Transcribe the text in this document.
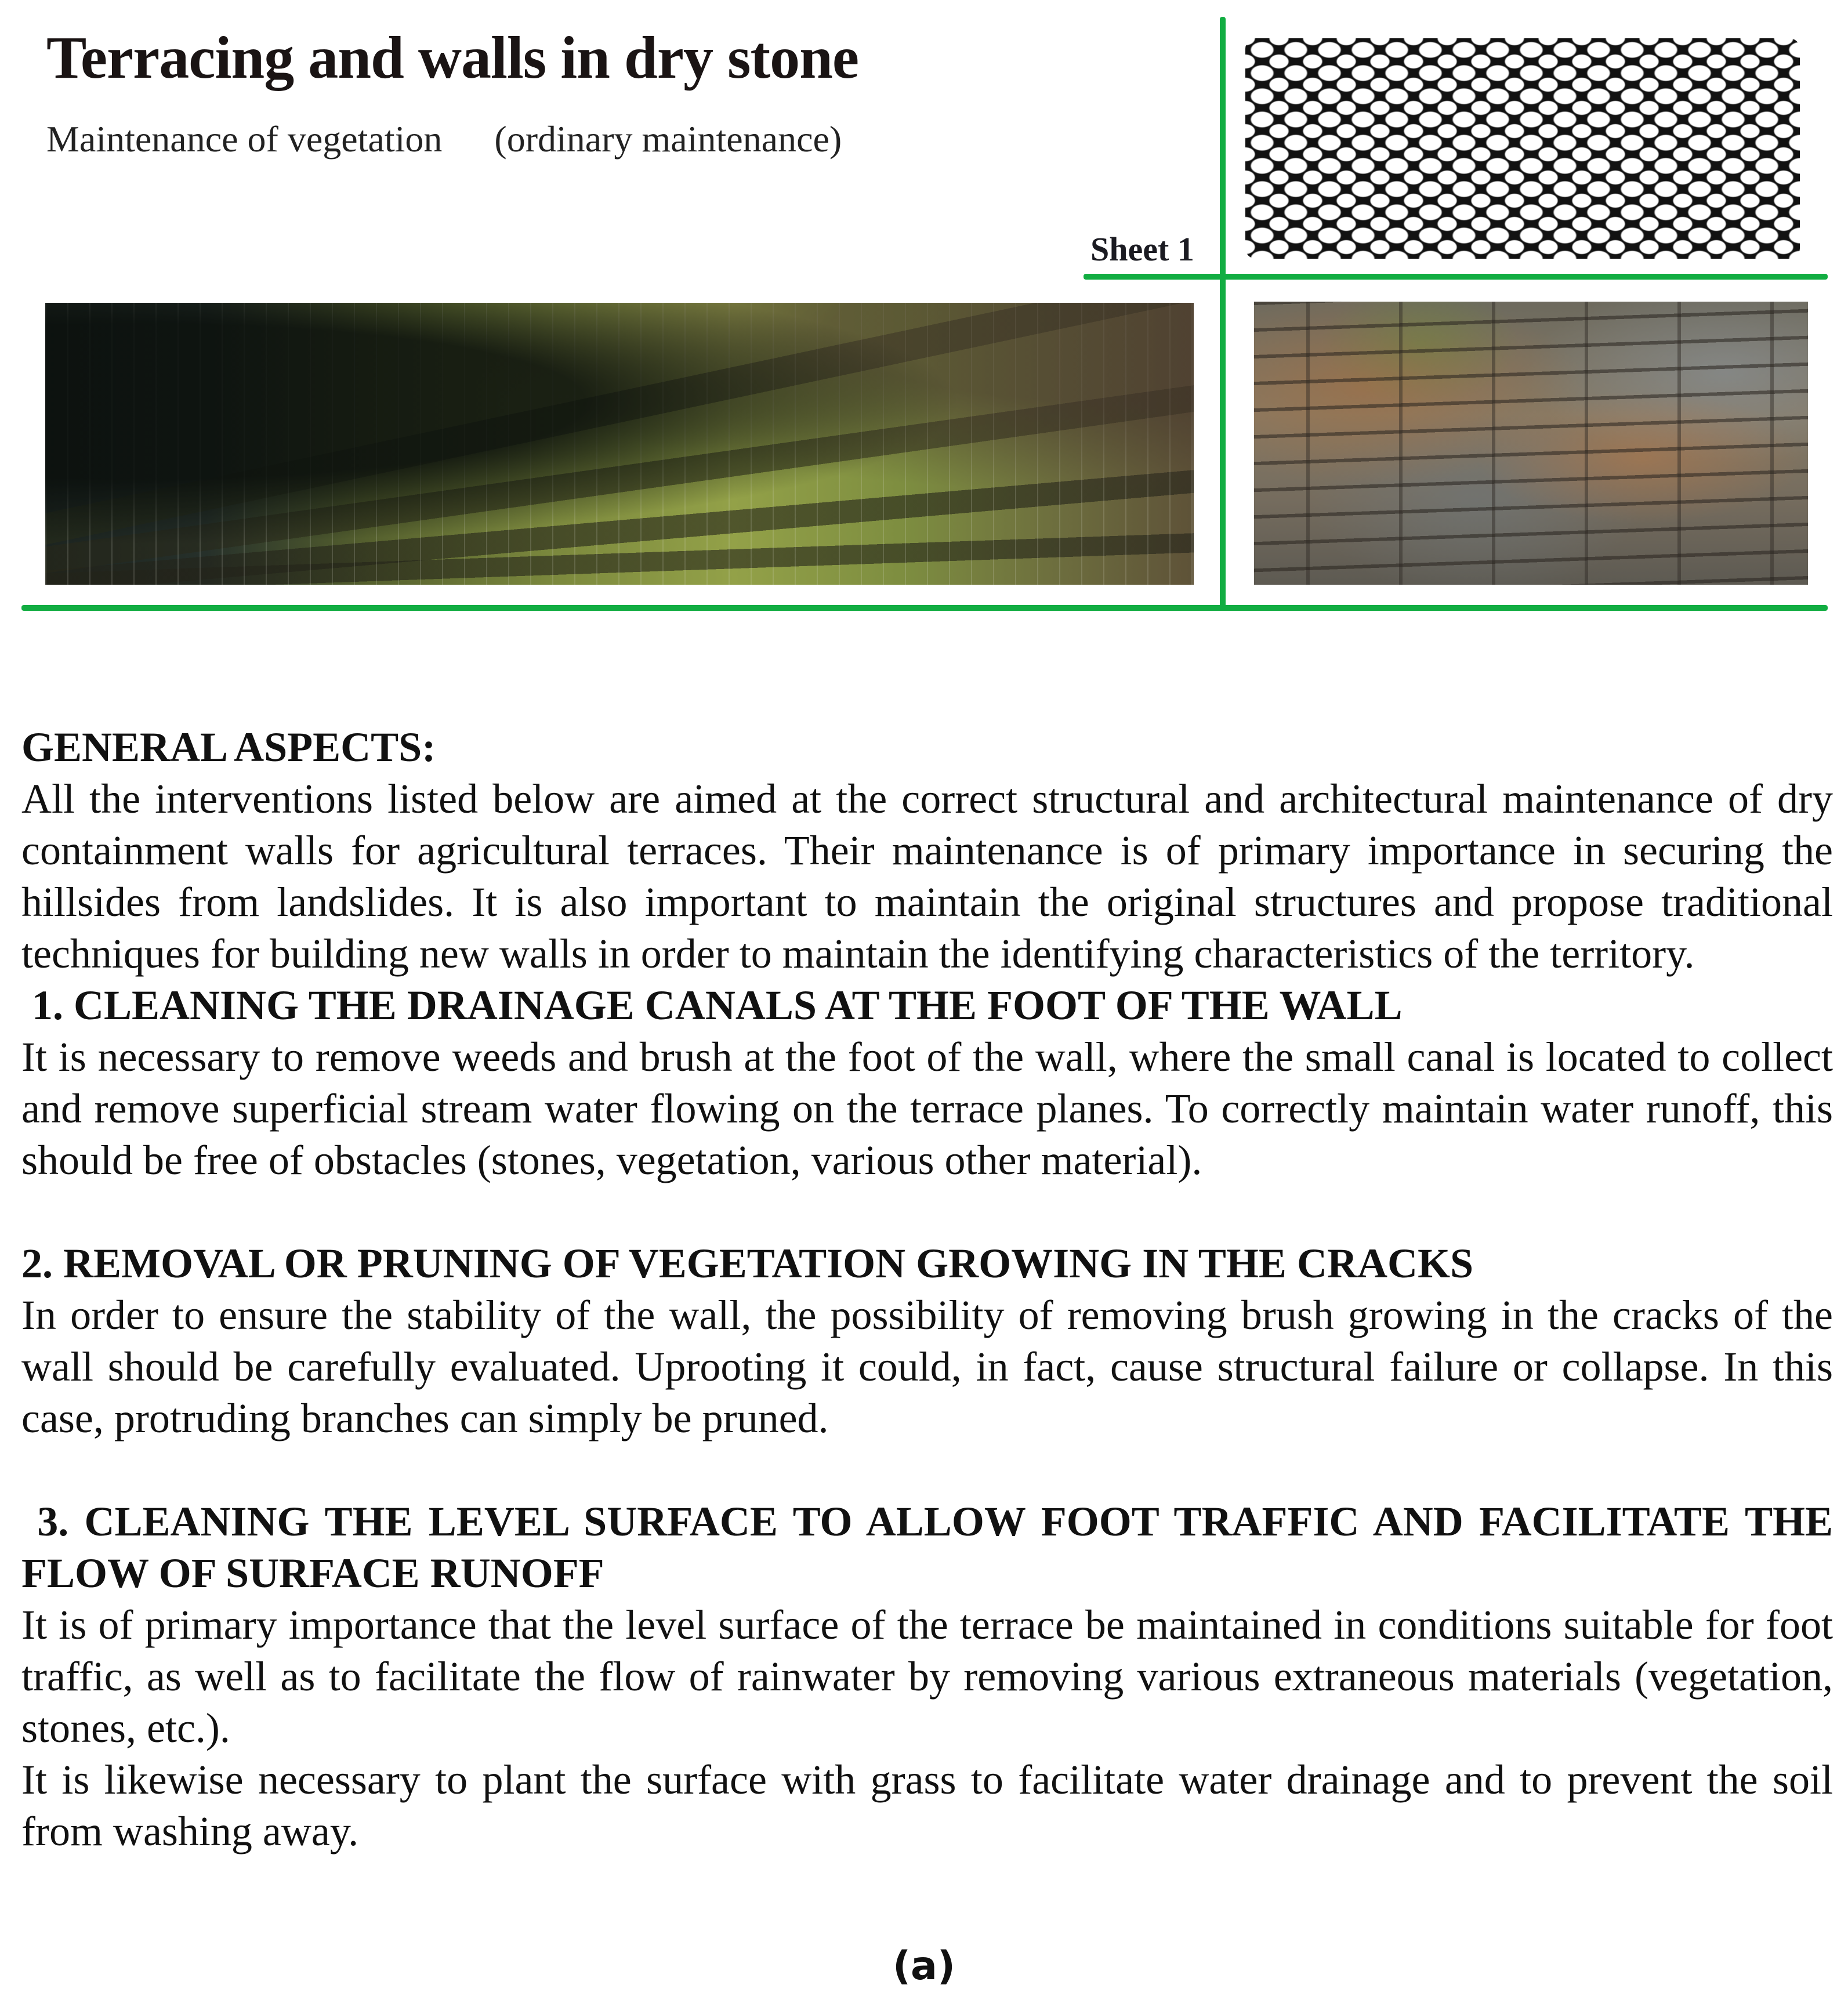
Terracing and walls in dry stone
Maintenance of vegetation (ordinary maintenance)
Sheet 1

GENERAL ASPECTS:

All the interventions listed below are aimed at the correct structural and architectural maintenance of dry containment walls for agricultural terraces. Their maintenance is of primary importance in securing the hillsides from landslides. It is also important to maintain the original structures and propose traditional techniques for building new walls in order to maintain the identifying characteristics of the territory.

1. CLEANING THE DRAINAGE CANALS AT THE FOOT OF THE WALL

It is necessary to remove weeds and brush at the foot of the wall, where the small canal is located to collect and remove superficial stream water flowing on the terrace planes. To correctly maintain water runoff, this should be free of obstacles (stones, vegetation, various other material).

2. REMOVAL OR PRUNING OF VEGETATION GROWING IN THE CRACKS

In order to ensure the stability of the wall, the possibility of removing brush growing in the cracks of the wall should be carefully evaluated. Uprooting it could, in fact, cause structural failure or collapse. In this case, protruding branches can simply be pruned.

3. CLEANING THE LEVEL SURFACE TO ALLOW FOOT TRAFFIC AND FACILITATE THE FLOW OF SURFACE RUNOFF

It is of primary importance that the level surface of the terrace be maintained in conditions suitable for foot traffic, as well as to facilitate the flow of rainwater by removing various extraneous materials (vegetation, stones, etc.).

It is likewise necessary to plant the surface with grass to facilitate water drainage and to prevent the soil from washing away.

(a)
